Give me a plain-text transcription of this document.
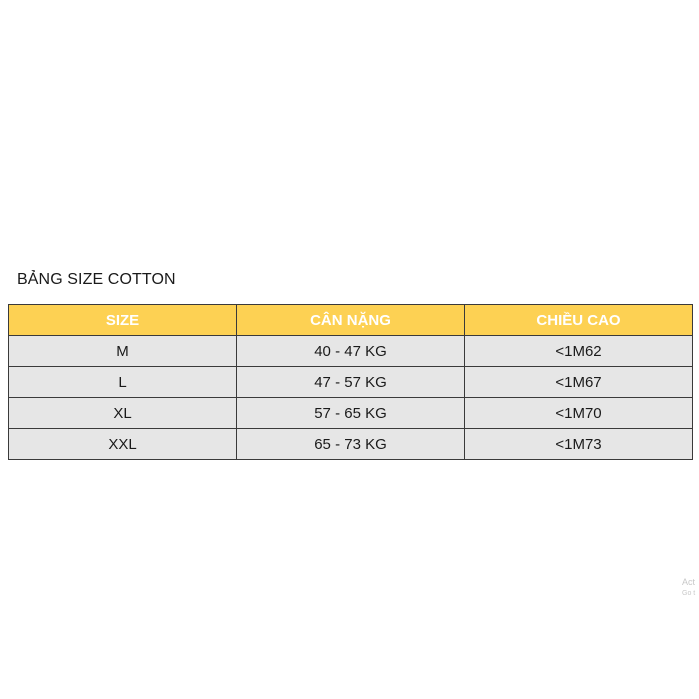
BẢNG SIZE COTTON
SIZE	CÂN NẶNG	CHIỀU CAO
M	40 - 47 KG	<1M62
L	47 - 57 KG	<1M67
XL	57 - 65 KG	<1M70
XXL	65 - 73 KG	<1M73
Act
Go t
